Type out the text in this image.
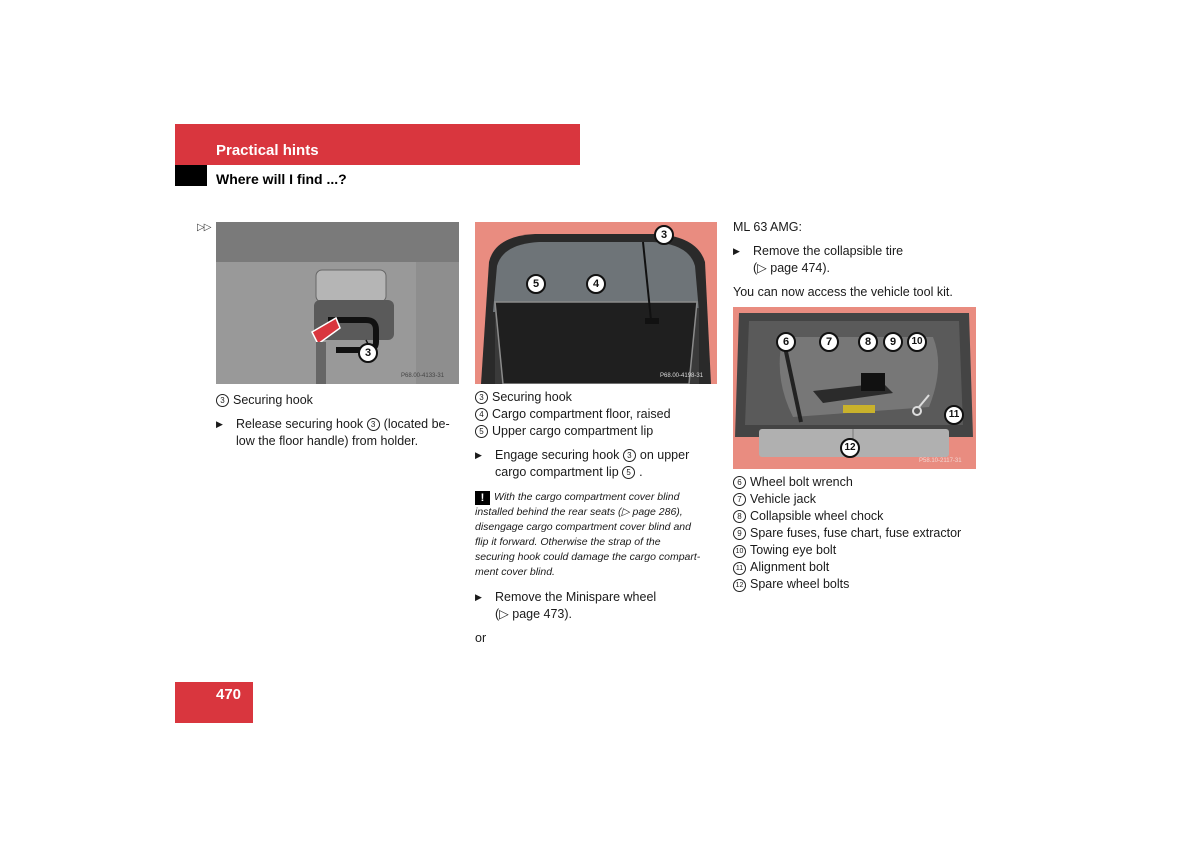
Practical hints
Where will I find ...?
▷▷
3
P68.00-4133-31
3
5	4
P68.00-4198-31
6	7	8	9	10
11
12
P58.10-2117-31
3 Securing hook
▶ Release securing hook 3 (located be-
low the floor handle) from holder.
3 Securing hook
4 Cargo compartment floor, raised
5 Upper cargo compartment lip
▶ Engage securing hook 3 on upper
cargo compartment lip 5 .
! With the cargo compartment cover blind
installed behind the rear seats (▷ page 286),
disengage cargo compartment cover blind and
flip it forward. Otherwise the strap of the
securing hook could damage the cargo compart-
ment cover blind.
▶ Remove the Minispare wheel
(▷ page 473).
or
ML 63 AMG:
▶ Remove the collapsible tire
(▷ page 474).
You can now access the vehicle tool kit.
6 Wheel bolt wrench
7 Vehicle jack
8 Collapsible wheel chock
9 Spare fuses, fuse chart, fuse extractor
10 Towing eye bolt
11 Alignment bolt
12 Spare wheel bolts
470
